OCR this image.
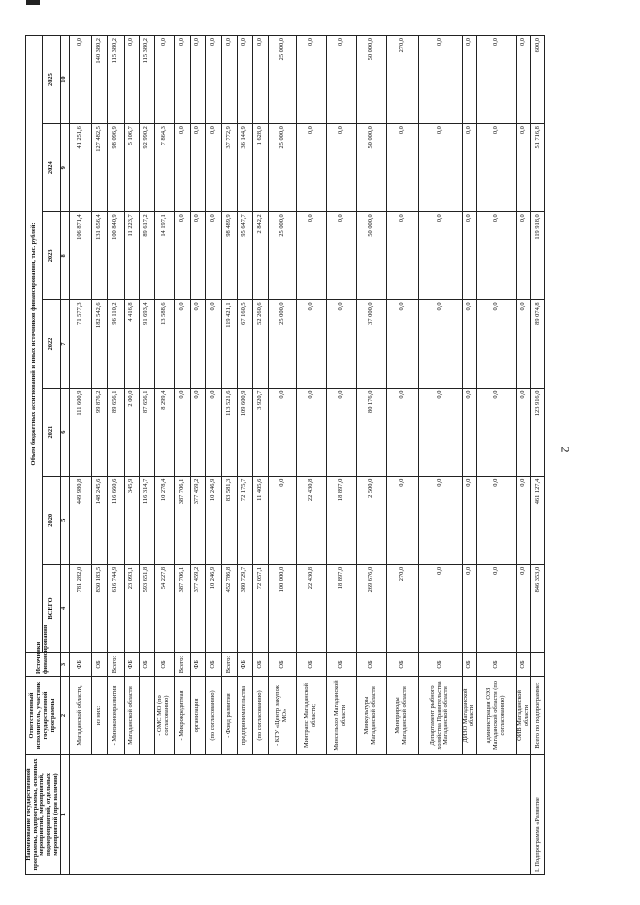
2
Наименование государственной программы, подпрограммы, основных мероприятий, мероприятий, подмероприятий, отдельных мероприятий (при наличии)	Ответственный исполнитель, участник государственной программы	Источники финансирования	Объем бюджетных ассигнований и иных источников финансирования, тыс. рублей:						
			ВСЕГО	2020	2021	2022	2023	2024	2025
1	2	3	4	5	6	7	8	9	10
	Магаданской области,	ФБ	781 282,0	449 980,8	111 600,9	71 577,3	106 871,4	41 251,6	0,0
	из них:	ОБ	830 183,5	148 245,6	99 876,2	182 542,6	131 656,4	127 482,5	140 380,2
	- Минэкономразвития	Всего:	616 744,9	116 660,6	89 656,1	96 110,2	100 840,9	98 096,9	115 380,2
	Магаданской области	ФБ	23 093,1	345,9	2 00,0	4 416,8	11 223,7	5 106,7	0,0
		ОБ	593 651,8	116 314,7	87 656,1	91 693,4	89 617,2	92 990,2	115 380,2
	- ОМС МО (по согласованию)	ОБ	54 227,8	10 278,4	8 299,4	13 588,6	14 197,1	7 864,3	0,0
	- Микрокредитная	Всего:	387 706,1	387 706,1	0,0	0,0	0,0	0,0	0,0
	организация	ФБ	377 459,2	377 459,2	0,0	0,0	0,0	0,0	0,0
	(по согласованию)	ОБ	10 246,9	10 246,9	0,0	0,0	0,0	0,0	0,0
	- Фонд развития	Всего:	452 786,8	83 581,3	113 521,6	119 421,1	98 489,9	37 772,9	0,0
	предпринимательства	ФБ	380 729,7	72 175,7	109 600,9	67 160,5	95 647,7	36 144,9	0,0
	(по согласованию)	ОБ	72 057,1	11 405,6	3 920,7	52 260,6	2 842,2	1 628,0	0,0
	- КГУ «Центр закупок МО»	ОБ	100 000,0	0,0	0,0	25 000,0	25 000,0	25 000,0	25 000,0
	Минтрапс Магаданской области;	ОБ	22 430,8	22 430,8	0,0	0,0	0,0	0,0	0,0
	Минсельхоз Магаданской области	ОБ	18 897,0	18 897,0	0,0	0,0	0,0	0,0	0,0
	Минкультуры Магаданской области	ОБ	269 676,0	2 500,0	80 176,0	37 000,0	50 000,0	50 000,0	50 000,0
	Минприроды Магаданской области	ОБ	270,0	0,0	0,0	0,0	0,0	0,0	270,0
	Департамент рыбного хозяйства Правительства Магаданской области	ОБ	0,0	0,0	0,0	0,0	0,0	0,0	0,0
	ДИЗО Магаданской области	ОБ	0,0	0,0	0,0	0,0	0,0	0,0	0,0
	администрация ОЭЗ Магаданской области (по согласованию)	ОБ	0,0	0,0	0,0	0,0	0,0	0,0	0,0
	ОИВ Магаданской области	ОБ	0,0	0,0	0,0	0,0	0,0	0,0	0,0
I. Подпрограмма «Развитие	Всего по подпрограмме:		846 353,0	461 127,4	123 916,0	89 074,8	119 918,0	51 716,8	600,0
